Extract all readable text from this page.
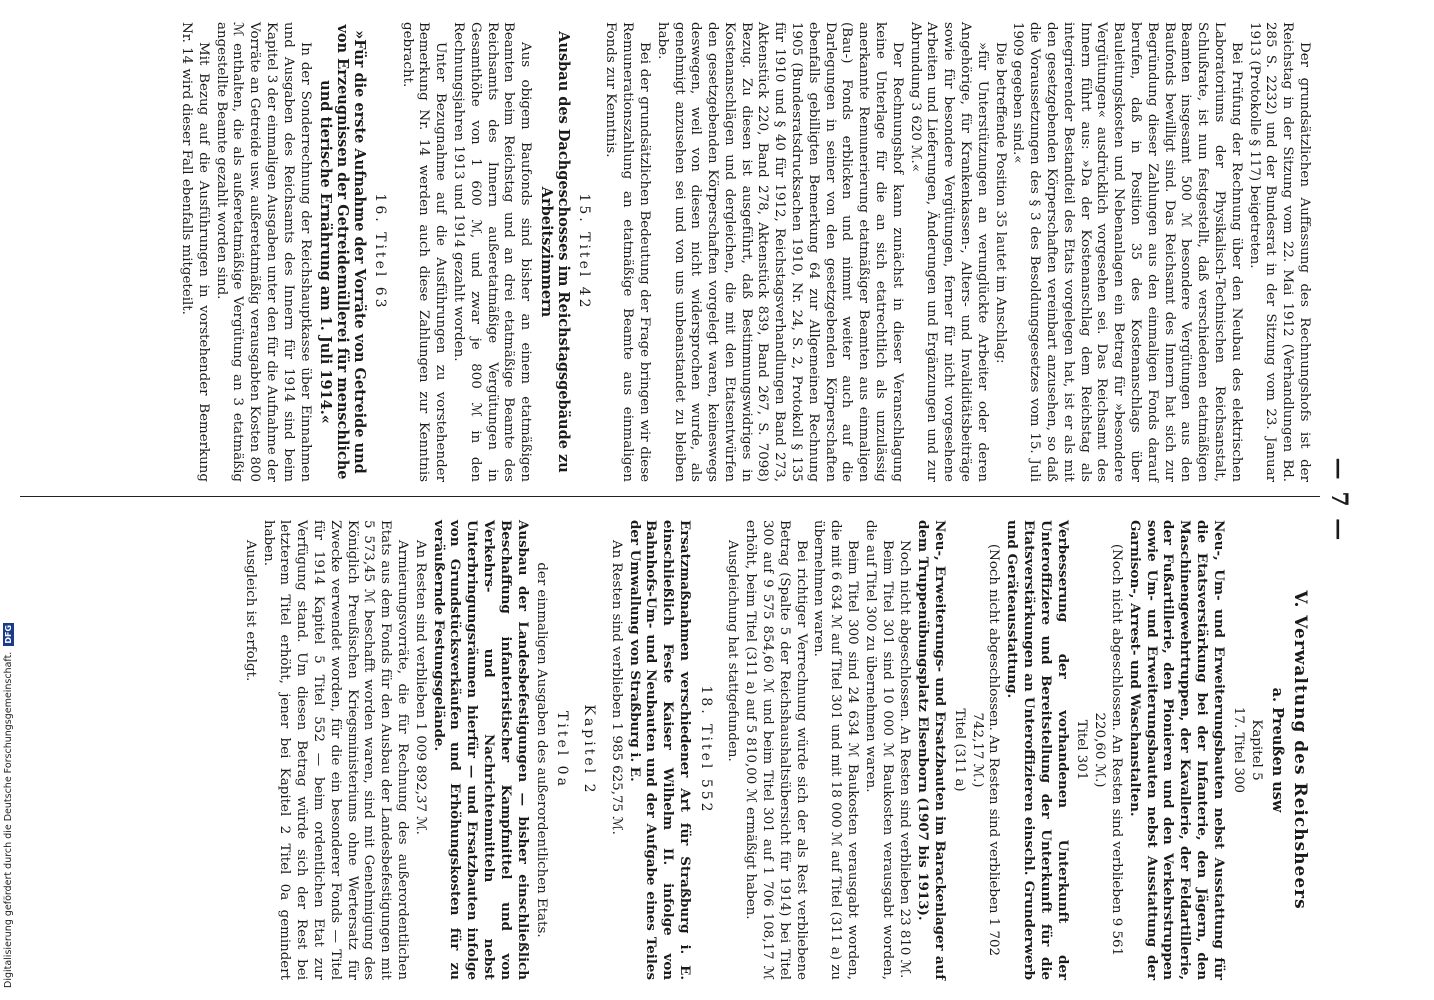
— 7 —

Der grundsätzlichen Auffassung des Rechnungshofs ist der Reichstag in der Sitzung vom 22. Mai 1912 (Verhandlungen Bd. 285 S. 2232) und der Bundesrat in der Sitzung vom 23. Januar 1913 (Protokolle § 117) beigetreten.

Bei Prüfung der Rechnung über den Neubau des elektrischen Laboratoriums der Physikalisch-Technischen Reichsanstalt, Schlußrate, ist nun festgestellt, daß verschiedenen etatmäßigen Beamten insgesamt 500 ℳ besondere Vergütungen aus den Baufonds bewilligt sind. Das Reichsamt des Innern hat sich zur Begründung dieser Zahlungen aus den einmaligen Fonds darauf berufen, daß in Position 35 des Kostenanschlags über Bauleitungskosten und Nebenanlagen ein Betrag für »besondere Vergütungen« ausdrücklich vorgesehen sei. Das Reichsamt des Innern führt aus: »Da der Kostenanschlag dem Reichstag als integrierender Bestandteil des Etats vorgelegen hat, ist er als mit den gesetzgebenden Körperschaften vereinbart anzusehen, so daß die Voraussetzungen des § 3 des Besoldungsgesetzes vom 15. Juli 1909 gegeben sind.«

Die betreffende Position 35 lautet im Anschlag:

»für Unterstützungen an verunglückte Arbeiter oder deren Angehörige, für Krankenkassen-, Alters- und Invaliditätsbeiträge sowie für besondere Vergütungen, ferner für nicht vorgesehene Arbeiten und Lieferungen, Änderungen und Ergänzungen und zur Abrundung 3 620 ℳ.«

Der Rechnungshof kann zunächst in dieser Veranschlagung keine Unterlage für die an sich etatrechtlich als unzulässig anerkannte Remunerierung etatmäßiger Beamten aus einmaligen (Bau-) Fonds erblicken und nimmt weiter auch auf die Darlegungen in seiner von den gesetzgebenden Körperschaften ebenfalls gebilligten Bemerkung 64 zur Allgemeinen Rechnung 1905 (Bundesratsdrucksachen 1910, Nr. 24, S. 2, Protokoll § 135 für 1910 und § 40 für 1912, Reichstagsverhandlungen Band 273, Aktenstück 220, Band 278, Aktenstück 839, Band 267, S. 7098) Bezug. Zu diesen ist ausgeführt, daß Bestimmungswidriges in Kostenanschlägen und dergleichen, die mit den Etatsentwürfen den gesetzgebenden Körperschaften vorgelegt waren, keineswegs deswegen, weil von diesen nicht widersprochen wurde, als genehmigt anzusehen sei und von uns unbeanstandet zu bleiben habe.

Bei der grundsätzlichen Bedeutung der Frage bringen wir diese Remunerationszahlung an etatmäßige Beamte aus einmaligen Fonds zur Kenntnis.

15. Titel 42
Ausbau des Dachgeschosses im Reichstagsgebäude zu Arbeitszimmern

Aus obigem Baufonds sind bisher an einem etatmäßigen Beamten beim Reichstag und an drei etatmäßige Beamte des Reichsamts des Innern außeretatmäßige Vergütungen in Gesamthöhe von 1 600 ℳ, und zwar je 800 ℳ in den Rechnungsjahren 1913 und 1914 gezahlt worden.

Unter Bezugnahme auf die Ausführungen zu vorstehender Bemerkung Nr. 14 werden auch diese Zahlungen zur Kenntnis gebracht.

16. Titel 63
»Für die erste Aufnahme der Vorräte von Getreide und von Erzeugnissen der Getreidemüllerei für menschliche und tierische Ernährung am 1. Juli 1914.«

In der Sonderrechnung der Reichshauptkasse über Einnahmen und Ausgaben des Reichsamts des Innern für 1914 sind beim Kapitel 3 der einmaligen Ausgaben unter den für die Aufnahme der Vorräte an Getreide usw. außeretatmäßig verausgabten Kosten 800 ℳ enthalten, die als außeretatmäßige Vergütung an 3 etatmäßig angestellte Beamte gezahlt worden sind.

Mit Bezug auf die Ausführungen in vorstehender Bemerkung Nr. 14 wird dieser Fall ebenfalls mitgeteilt.

V. Verwaltung des Reichsheers
a. Preußen usw
Kapitel 5
17. Titel 300
Neu-, Um- und Erweiterungsbauten nebst Ausstattung für die Etatsverstärkung bei der Infanterie, den Jägern, den Maschinengewehrtruppen, der Kavallerie, der Feldartillerie, der Fußartillerie, den Pionieren und den Verkehrstruppen sowie Um- und Erweiterungsbauten nebst Ausstattung der Garnison-, Arrest- und Waschanstalten.

(Noch nicht abgeschlossen. An Resten sind verblieben 9 561 220,60 ℳ.)

Titel 301
Verbesserung der vorhandenen Unterkunft der Unteroffiziere und Bereitstellung der Unterkunft für die Etatsverstärkungen an Unteroffizieren einschl. Grunderwerb und Geräteausstattung.

(Noch nicht abgeschlossen. An Resten sind verblieben 1 702 742,17 ℳ.)

Titel (311 a)
Neu-, Erweiterungs- und Ersatzbauten im Barackenlager auf dem Truppenübungsplatz Elsenborn (1907 bis 1913).

Noch nicht abgeschlossen. An Resten sind verblieben 23 810 ℳ.

Beim Titel 301 sind 10 000 ℳ Baukosten verausgabt worden, die auf Titel 300 zu übernehmen waren.

Beim Titel 300 sind 24 634 ℳ Baukosten verausgabt worden, die mit 6 634 ℳ auf Titel 301 und mit 18 000 ℳ auf Titel (311 a) zu übernehmen waren.

Bei richtiger Verrechnung würde sich der als Rest verbliebene Betrag (Spalte 5 der Reichshaushaltsübersicht für 1914) bei Titel 300 auf 9 575 854,60 ℳ und beim Titel 301 auf 1 706 108,17 ℳ erhöht, beim Titel (311 a) auf 5 810,00 ℳ ermäßigt haben.

Ausgleichung hat stattgefunden.

18. Titel 552
Ersatzmaßnahmen verschiedener Art für Straßburg i. E. einschließlich Feste Kaiser Wilhelm II. infolge von Bahnhofs-Um- und Neubauten und der Aufgabe eines Teiles der Umwallung von Straßburg i. E.

An Resten sind verblieben 1 985 625,75 ℳ.

Kapitel 2
Titel 0a
der einmaligen Ausgaben des außerordentlichen Etats.
Ausbau der Landesbefestigungen — bisher einschließlich Beschaffung infanteristischer Kampfmittel und von Verkehrs- und Nachrichtenmitteln nebst Unterbringungsräumen hierfür — und Ersatzbauten infolge von Grundstücksverkäufen und Erhöhungskosten für zu veräußernde Festungsgelände.

An Resten sind verblieben 1 009 892,37 ℳ.

Armierungsvorräte, die für Rechnung des außerordentlichen Etats aus dem Fonds für den Ausbau der Landesbefestigungen mit 5 573,45 ℳ beschafft worden waren, sind mit Genehmigung des Königlich Preußischen Kriegsministeriums ohne Wertersatz für Zwecke verwendet worden, für die ein besonderer Fonds — Titel für 1914 Kapitel 5 Titel 552 — beim ordentlichen Etat zur Verfügung stand. Um diesen Betrag würde sich der Rest bei letzterem Titel erhöht, jener bei Kapitel 2 Titel 0a gemindert haben.

Ausgleich ist erfolgt.

Digitalisierung gefördert durch die Deutsche Forschungsgemeinschaft. DFG
